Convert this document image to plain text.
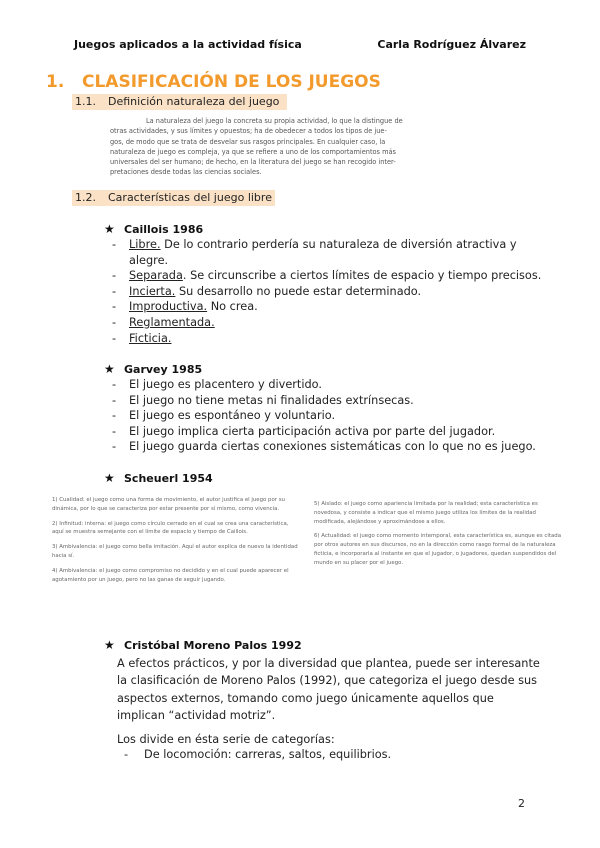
Juegos aplicados a la actividad física	Carla Rodríguez Álvarez
1. CLASIFICACIÓN DE LOS JUEGOS
1.1. Definición naturaleza del juego
La naturaleza del juego la concreta su propia actividad, lo que la distingue de
otras actividades, y sus límites y opuestos; ha de obedecer a todos los tipos de jue-
gos, de modo que se trata de desvelar sus rasgos principales. En cualquier caso, la
naturaleza de juego es compleja, ya que se refiere a uno de los comportamientos más
universales del ser humano; de hecho, en la literatura del juego se han recogido inter-
pretaciones desde todas las ciencias sociales.
1.2. Características del juego libre
★ Caillois 1986
- Libre. De lo contrario perdería su naturaleza de diversión atractiva y
alegre.
- Separada. Se circunscribe a ciertos límites de espacio y tiempo precisos.
- Incierta. Su desarrollo no puede estar determinado.
- Improductiva. No crea.
- Reglamentada.
- Ficticia.
★ Garvey 1985
- El juego es placentero y divertido.
- El juego no tiene metas ni finalidades extrínsecas.
- El juego es espontáneo y voluntario.
- El juego implica cierta participación activa por parte del jugador.
- El juego guarda ciertas conexiones sistemáticas con lo que no es juego.
★ Scheuerl 1954

1) Cualidad: el juego como una forma de movimiento, el autor justifica el juego por su dinámica, por lo que se caracteriza por estar presente por sí mismo, como vivencia.

2) Infinitud: interna: el juego como círculo cerrado en el cual se crea una característica, aquí se muestra semejante con el límite de espacio y tiempo de Caillois.

3) Ambivalencia: el juego como bella imitación. Aquí el autor explica de nuevo la identidad hacia sí.

4) Ambivalencia: el juego como compromiso no decidido y en el cual puede aparecer el agotamiento por un juego, pero no las ganas de seguir jugando.

5) Aislado: el juego como apariencia limitada por la realidad; esta característica es novedosa, y consiste a indicar que el mismo juego utiliza los límites de la realidad modificada, alejándose y aproximándose a ellos.

6) Actualidad: el juego como momento intemporal, esta característica es, aunque es citada por otros autores en sus discursos, no en la dirección como rasgo formal de la naturaleza ficticia, e incorporarla al instante en que el jugador, o jugadores, quedan suspendidos del mundo en su placer por el juego.

★ Cristóbal Moreno Palos 1992
A efectos prácticos, y por la diversidad que plantea, puede ser interesante
la clasificación de Moreno Palos (1992), que categoriza el juego desde sus
aspectos externos, tomando como juego únicamente aquellos que
implican “actividad motriz”.
Los divide en ésta serie de categorías:
- De locomoción: carreras, saltos, equilibrios.
2
